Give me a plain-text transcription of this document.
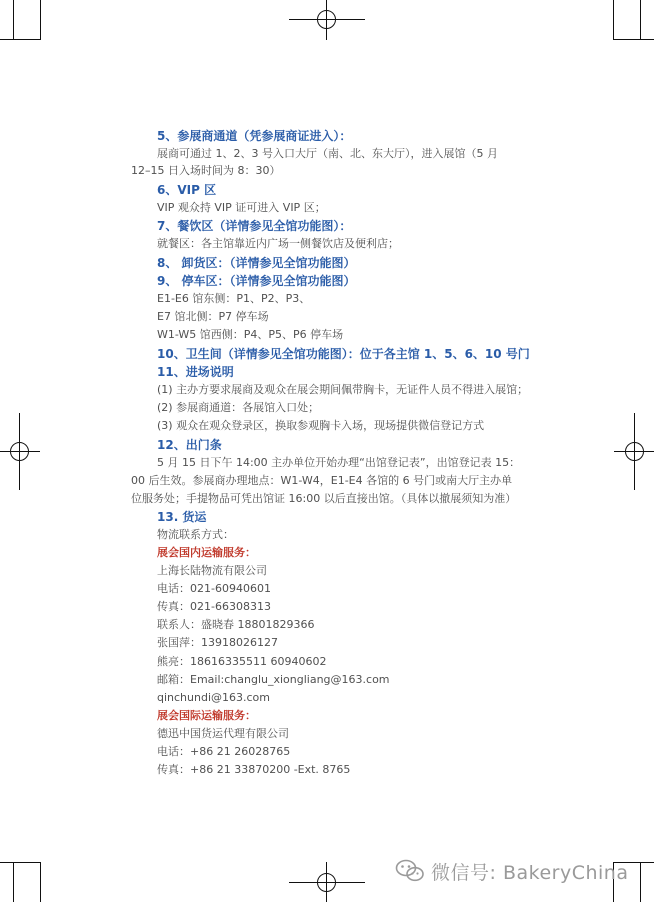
5、参展商通道（凭参展商证进入）：
展商可通过 1、2、3 号入口大厅（南、北、东大厅），进入展馆（5 月
12–15 日入场时间为 8：30）
6、VIP 区
VIP 观众持 VIP 证可进入 VIP 区；
7、餐饮区（详情参见全馆功能图）：
就餐区：各主馆靠近内广场一侧餐饮店及便利店；
8、 卸货区：（详情参见全馆功能图）
9、 停车区：（详情参见全馆功能图）
E1-E6 馆东侧：P1、P2、P3、
E7 馆北侧：P7 停车场
W1-W5 馆西侧：P4、P5、P6 停车场
10、卫生间（详情参见全馆功能图）：位于各主馆 1、5、6、10 号门
11、进场说明
(1) 主办方要求展商及观众在展会期间佩带胸卡，无证件人员不得进入展馆；
(2) 参展商通道：各展馆入口处；
(3) 观众在观众登录区，换取参观胸卡入场，现场提供微信登记方式
12、出门条
5 月 15 日下午 14:00 主办单位开始办理“出馆登记表”，出馆登记表 15：
00 后生效。参展商办理地点：W1-W4，E1-E4 各馆的 6 号门或南大厅主办单
位服务处；手提物品可凭出馆证 16:00 以后直接出馆。（具体以撤展须知为准）
13. 货运
物流联系方式：
展会国内运输服务：
上海长陆物流有限公司
电话：021-60940601
传真：021-66308313
联系人：盛晓春 18801829366
张国萍：13918026127
熊亮：18616335511 60940602
邮箱：Email:changlu_xiongliang@163.com
qinchundi@163.com
展会国际运输服务：
德迅中国货运代理有限公司
电话：+86 21 26028765
传真：+86 21 33870200 -Ext. 8765
微信号: BakeryChina
